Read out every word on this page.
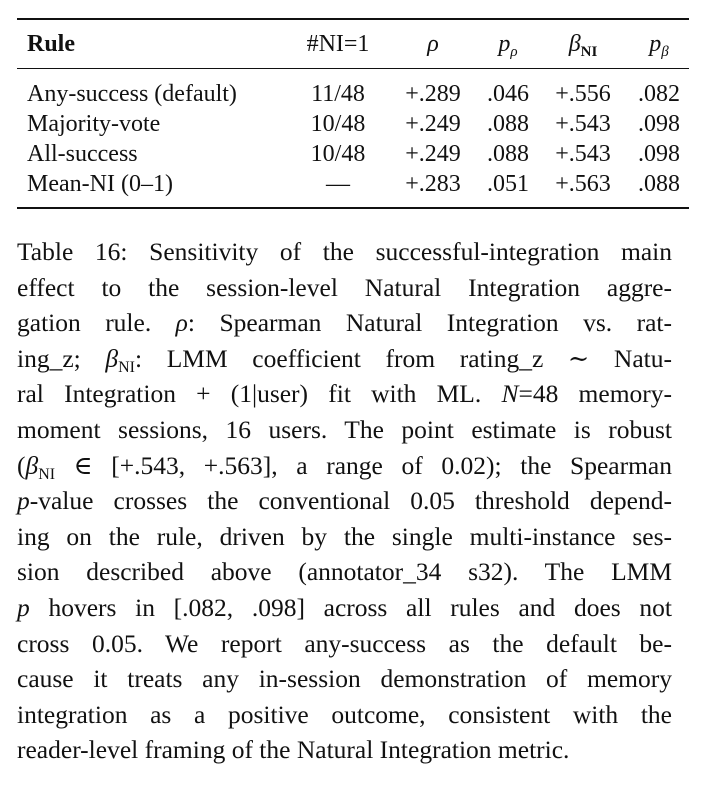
Rule	#NI=1	ρ	$p_\rho$	$\beta_{NI}$	$p_\beta$
Any-success (default)	11/48	+.289	.046	+.556	.082
Majority-vote	10/48	+.249	.088	+.543	.098
All-success	10/48	+.249	.088	+.543	.098
Mean-NI (0–1)	—	+.283	.051	+.563	.088
Table 16: Sensitivity of the successful-integration main
effect to the session-level Natural Integration aggre-
gation rule. ρ: Spearman Natural Integration vs. rat-
ing_z; βNI: LMM coefficient from rating_z ∼ Natu-
ral Integration + (1|user) fit with ML. N=48 memory-
moment sessions, 16 users. The point estimate is robust
(βNI ∈ [+.543, +.563], a range of 0.02); the Spearman
p-value crosses the conventional 0.05 threshold depend-
ing on the rule, driven by the single multi-instance ses-
sion described above (annotator_34 s32). The LMM
p hovers in [.082, .098] across all rules and does not
cross 0.05. We report any-success as the default be-
cause it treats any in-session demonstration of memory
integration as a positive outcome, consistent with the
reader-level framing of the Natural Integration metric.
